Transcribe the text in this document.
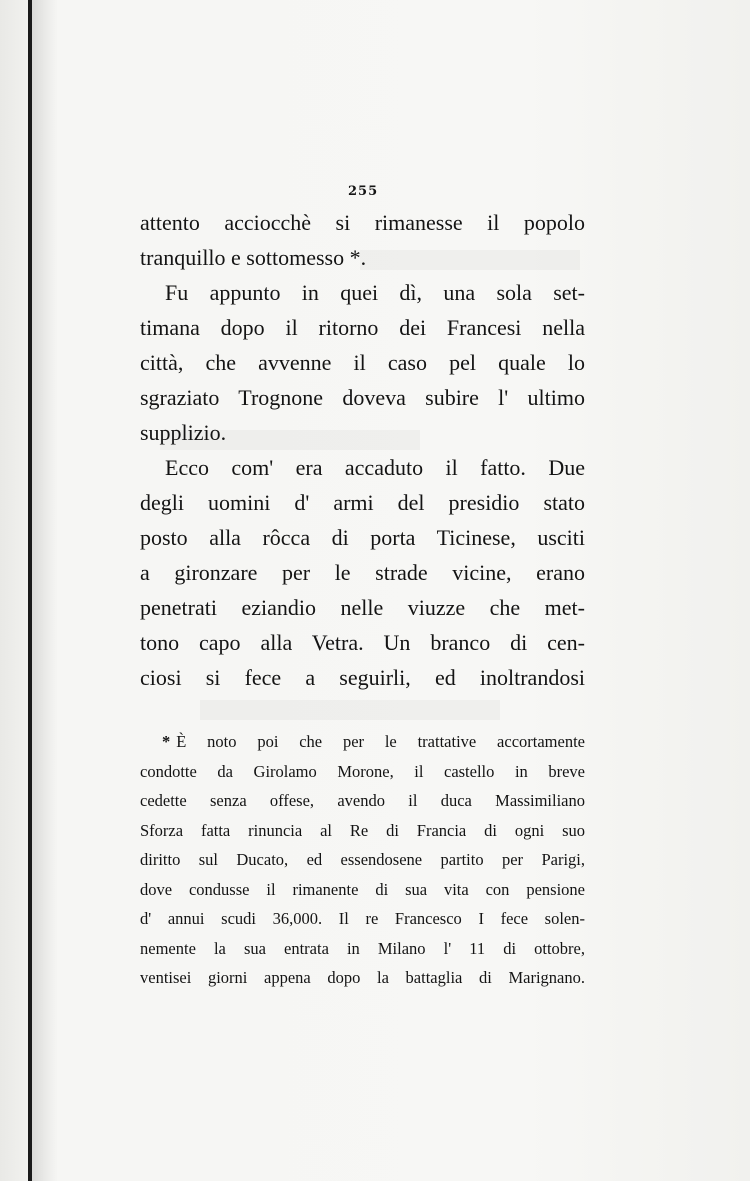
255
attento acciocchè si rimanesse il popolo
tranquillo e sottomesso *.
Fu appunto in quei dì, una sola set-
timana dopo il ritorno dei Francesi nella
città, che avvenne il caso pel quale lo
sgraziato Trognone doveva subire l' ultimo
supplizio.
Ecco com' era accaduto il fatto. Due
degli uomini d' armi del presidio stato
posto alla rôcca di porta Ticinese, usciti
a gironzare per le strade vicine, erano
penetrati eziandio nelle viuzze che met-
tono capo alla Vetra. Un branco di cen-
ciosi si fece a seguirli, ed inoltrandosi
* È noto poi che per le trattative accortamente
condotte da Girolamo Morone, il castello in breve
cedette senza offese, avendo il duca Massimiliano
Sforza fatta rinuncia al Re di Francia di ogni suo
diritto sul Ducato, ed essendosene partito per Parigi,
dove condusse il rimanente di sua vita con pensione
d' annui scudi 36,000. Il re Francesco I fece solen-
nemente la sua entrata in Milano l' 11 di ottobre,
ventisei giorni appena dopo la battaglia di Marignano.
